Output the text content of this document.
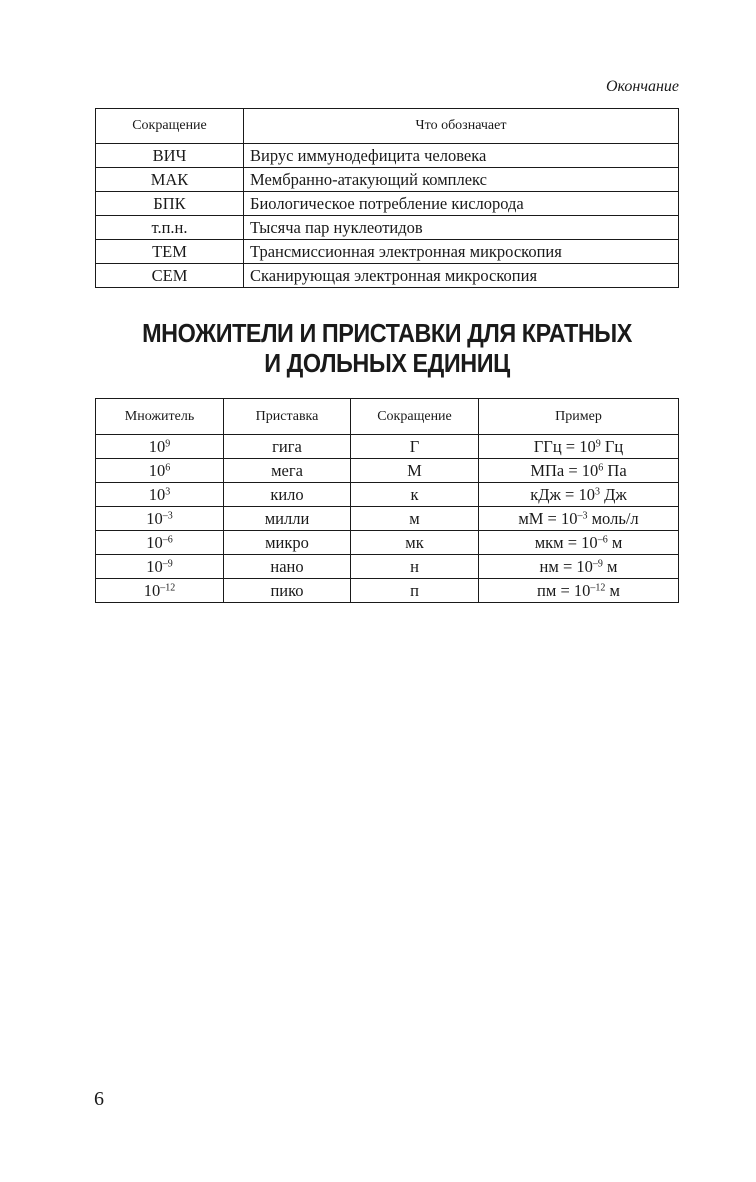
Окончание
Сокращение	Что обозначает
ВИЧ	Вирус иммунодефицита человека
МАК	Мембранно-атакующий комплекс
БПК	Биологическое потребление кислорода
т.п.н.	Тысяча пар нуклеотидов
ТЕМ	Трансмиссионная электронная микроскопия
СЕМ	Сканирующая электронная микроскопия
МНОЖИТЕЛИ И ПРИСТАВКИ ДЛЯ КРАТНЫХ
И ДОЛЬНЫХ ЕДИНИЦ
Множитель	Приставка	Сокращение	Пример
$10^9$	гига	Г	ГГц = $10^9$ Гц
$10^6$	мега	М	МПа = $10^6$ Па
$10^3$	кило	к	кДж = $10^3$ Дж
$10^{-3}$	милли	м	мМ = $10^{-3}$ моль/л
$10^{-6}$	микро	мк	мкм = $10^{-6}$ м
$10^{-9}$	нано	н	нм = $10^{-9}$ м
$10^{-12}$	пико	п	пм = $10^{-12}$ м
6
